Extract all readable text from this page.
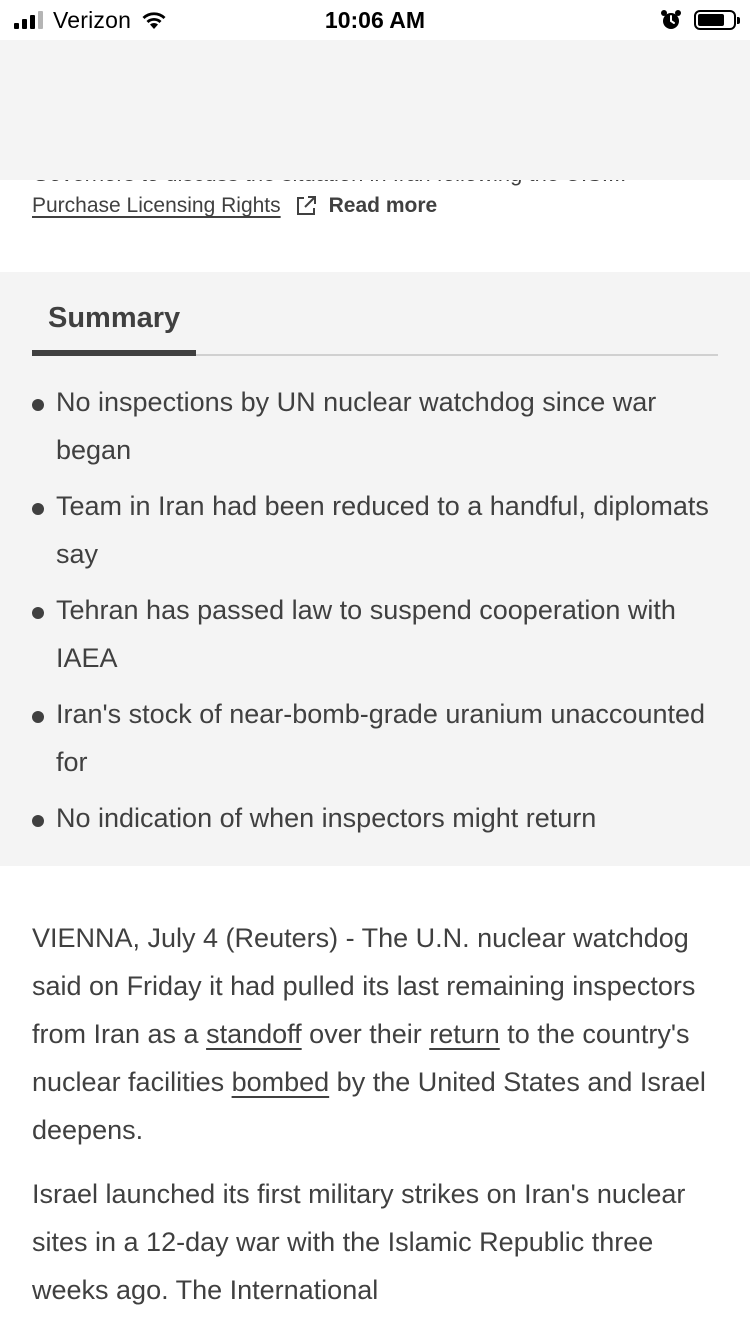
Verizon	10:06 AM
Purchase Licensing Rights Read more
Summary
No inspections by UN nuclear watchdog since war began
Team in Iran had been reduced to a handful, diplomats say
Tehran has passed law to suspend cooperation with IAEA
Iran's stock of near-bomb-grade uranium unaccounted for
No indication of when inspectors might return

VIENNA, July 4 (Reuters) - The U.N. nuclear watchdog said on Friday it had pulled its last remaining inspectors from Iran as a standoff over their return to the country's nuclear facilities bombed by the United States and Israel deepens.

Israel launched its first military strikes on Iran's nuclear sites in a 12-day war with the Islamic Republic three weeks ago. The International
